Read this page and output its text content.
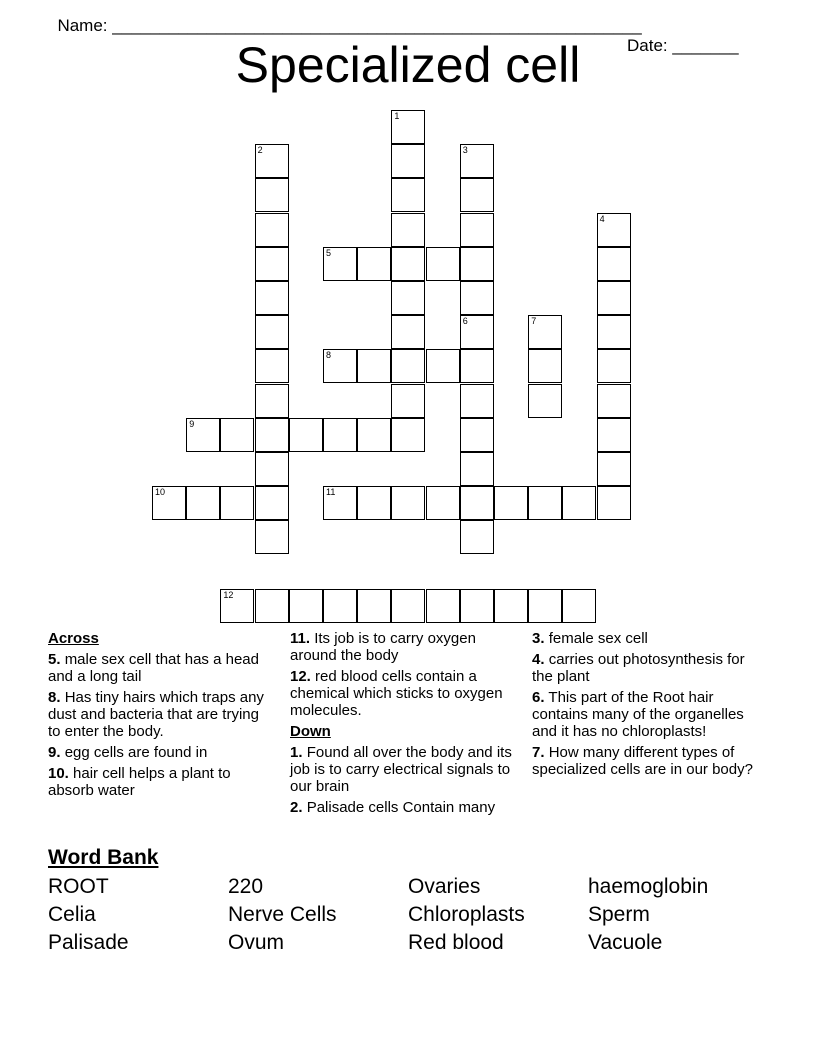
Name: ________________________________________________________

Date: _______

Specialized cell
1
2	3
4
5
6	7
8
9
10	11
12
Across
5. male sex cell that has a head and a long tail
8. Has tiny hairs which traps any dust and bacteria that are trying to enter the body.
9. egg cells are found in
10. hair cell helps a plant to absorb water
11. Its job is to carry oxygen around the body
12. red blood cells contain a chemical which sticks to oxygen molecules.
Down
1. Found all over the body and its job is to carry electrical signals to our brain
2. Palisade cells Contain many
3. female sex cell
4. carries out photosynthesis for the plant
6. This part of the Root hair contains many of the organelles and it has no chloroplasts!
7. How many different types of specialized cells are in our body?
Word Bank
ROOT	220	Ovaries	haemoglobin
Celia	Nerve Cells	Chloroplasts	Sperm
Palisade	Ovum	Red blood	Vacuole
